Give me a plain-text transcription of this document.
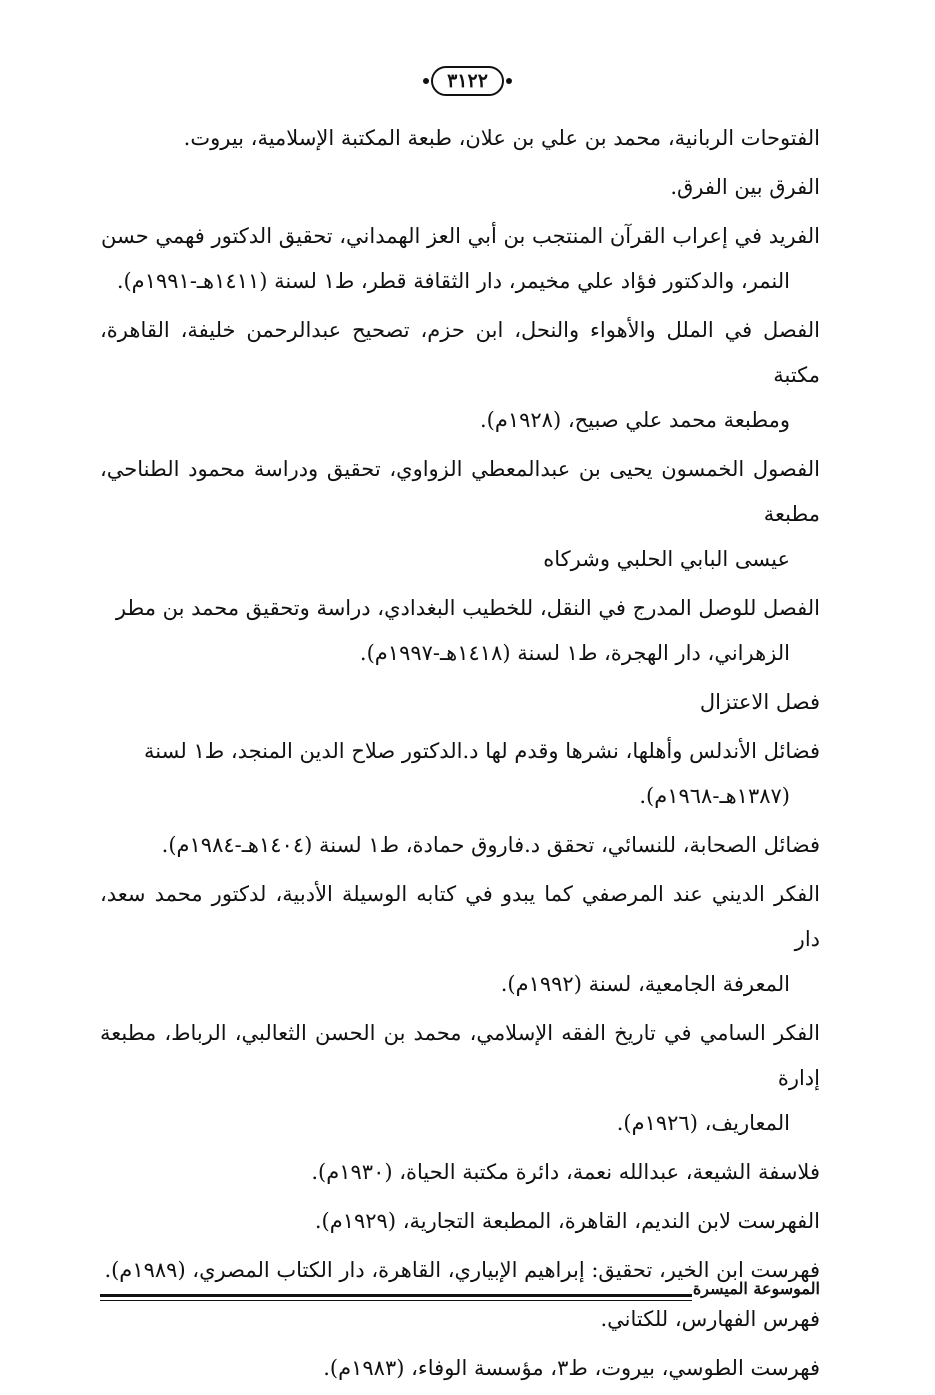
٣١٢٢
الفتوحات الربانية، محمد بن علي بن علان، طبعة المكتبة الإسلامية، بيروت.
الفرق بين الفرق.
الفريد في إعراب القرآن المنتجب بن أبي العز الهمداني، تحقيق الدكتور فهمي حسن
النمر، والدكتور فؤاد علي مخيمر، دار الثقافة قطر، ط١ لسنة (١٤١١هـ-١٩٩١م).
الفصل في الملل والأهواء والنحل، ابن حزم، تصحيح عبدالرحمن خليفة، القاهرة، مكتبة
ومطبعة محمد علي صبيح، (١٩٢٨م).
الفصول الخمسون يحيى بن عبدالمعطي الزواوي، تحقيق ودراسة محمود الطناحي، مطبعة
عيسى البابي الحلبي وشركاه
الفصل للوصل المدرج في النقل، للخطيب البغدادي، دراسة وتحقيق محمد بن مطر
الزهراني، دار الهجرة، ط١ لسنة (١٤١٨هـ-١٩٩٧م).
فصل الاعتزال
فضائل الأندلس وأهلها، نشرها وقدم لها د.الدكتور صلاح الدين المنجد، ط١ لسنة
(١٣٨٧هـ-١٩٦٨م).
فضائل الصحابة، للنسائي، تحقق د.فاروق حمادة، ط١ لسنة (١٤٠٤هـ-١٩٨٤م).
الفكر الديني عند المرصفي كما يبدو في كتابه الوسيلة الأدبية، لدكتور محمد سعد، دار
المعرفة الجامعية، لسنة (١٩٩٢م).
الفكر السامي في تاريخ الفقه الإسلامي، محمد بن الحسن الثعالبي، الرباط، مطبعة إدارة
المعاريف، (١٩٢٦م).
فلاسفة الشيعة، عبدالله نعمة، دائرة مكتبة الحياة، (١٩٣٠م).
الفهرست لابن النديم، القاهرة، المطبعة التجارية، (١٩٢٩م).
فهرست ابن الخير، تحقيق: إبراهيم الإبياري، القاهرة، دار الكتاب المصري، (١٩٨٩م).
فهرس الفهارس، للكتاني.
فهرست الطوسي، بيروت، ط٣، مؤسسة الوفاء، (١٩٨٣م).
الموسوعة الميسرة
